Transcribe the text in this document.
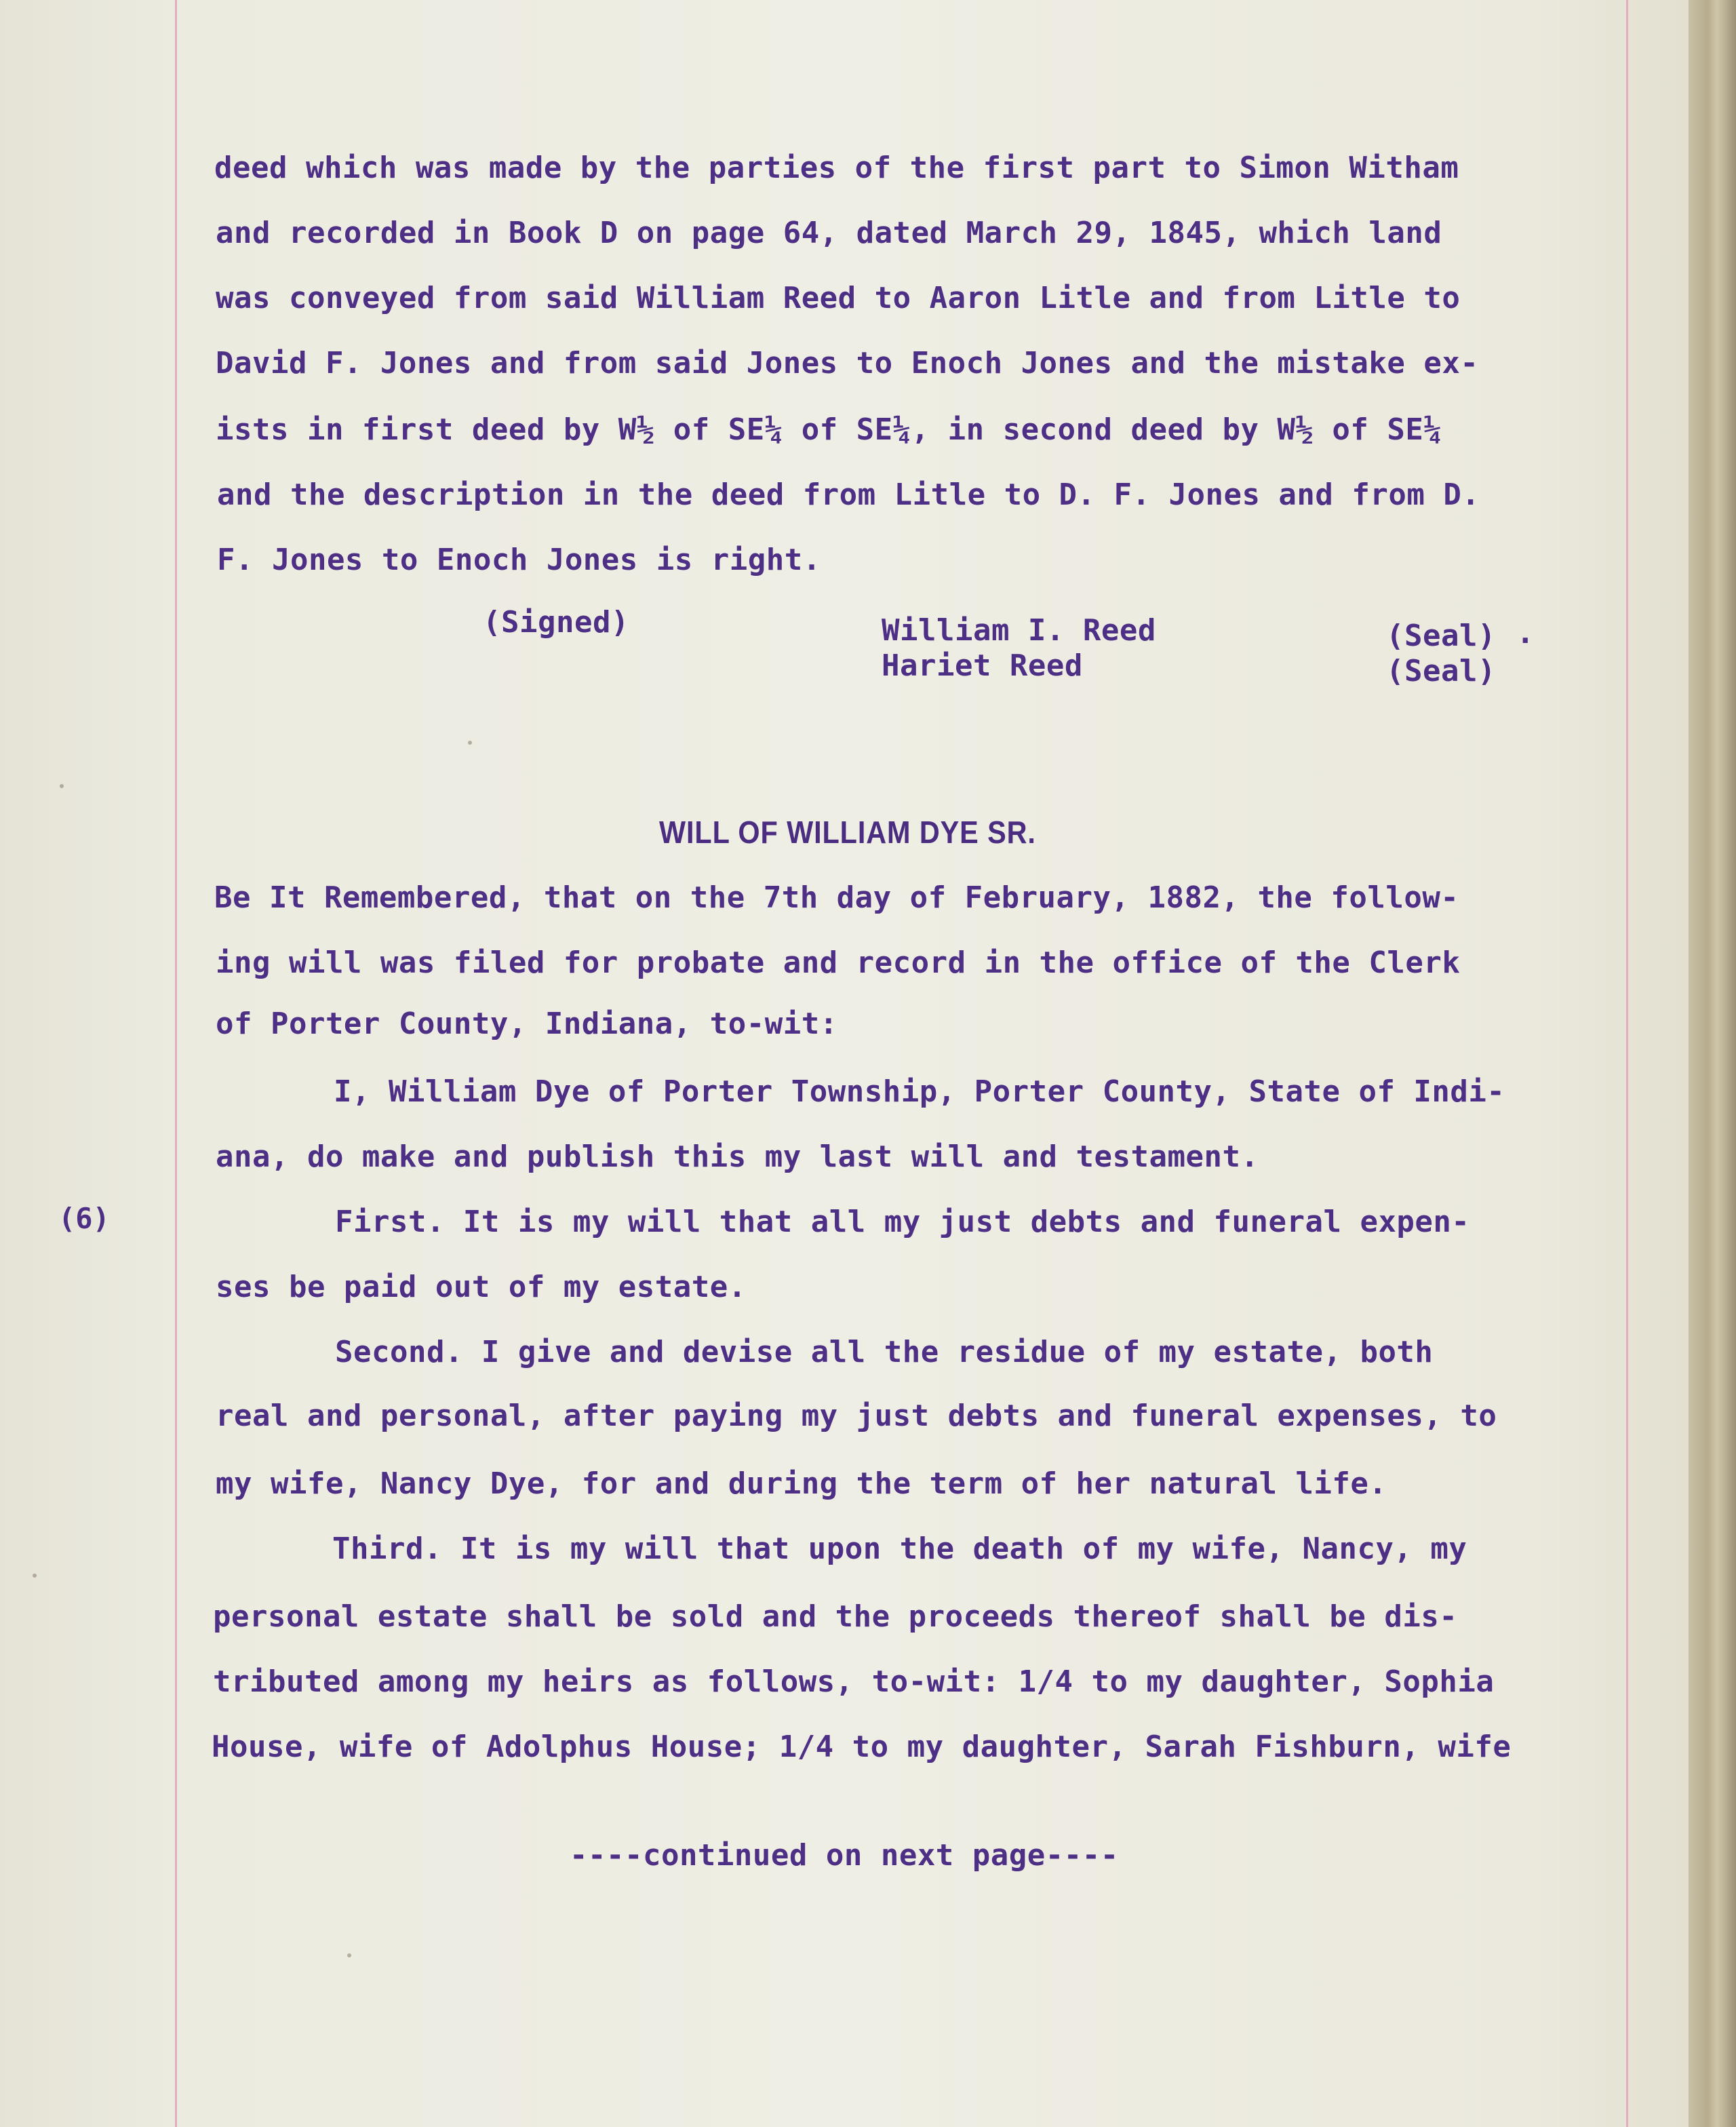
deed which was made by the parties of the first part to Simon Witham
and recorded in Book D on page 64, dated March 29, 1845, which land
was conveyed from said William Reed to Aaron Litle and from Litle to
David F. Jones and from said Jones to Enoch Jones and the mistake ex-
ists in first deed by W½ of SE¼ of SE¼, in second deed by W½ of SE¼
and the description in the deed from Litle to D. F. Jones and from D.
F. Jones to Enoch Jones is right.
(Signed)	William I. Reed
Hariet Reed
(Seal)
(Seal)
.
WILL OF WILLIAM DYE SR.
Be It Remembered, that on the 7th day of February, 1882, the follow-
ing will was filed for probate and record in the office of the Clerk
of Porter County, Indiana, to-wit:
(6)
I, William Dye of Porter Township, Porter County, State of Indi-
ana, do make and publish this my last will and testament.
First. It is my will that all my just debts and funeral expen-
ses be paid out of my estate.
Second. I give and devise all the residue of my estate, both
real and personal, after paying my just debts and funeral expenses, to
my wife, Nancy Dye, for and during the term of her natural life.
Third. It is my will that upon the death of my wife, Nancy, my
personal estate shall be sold and the proceeds thereof shall be dis-
tributed among my heirs as follows, to-wit: 1/4 to my daughter, Sophia
House, wife of Adolphus House; 1/4 to my daughter, Sarah Fishburn, wife
----continued on next page----
